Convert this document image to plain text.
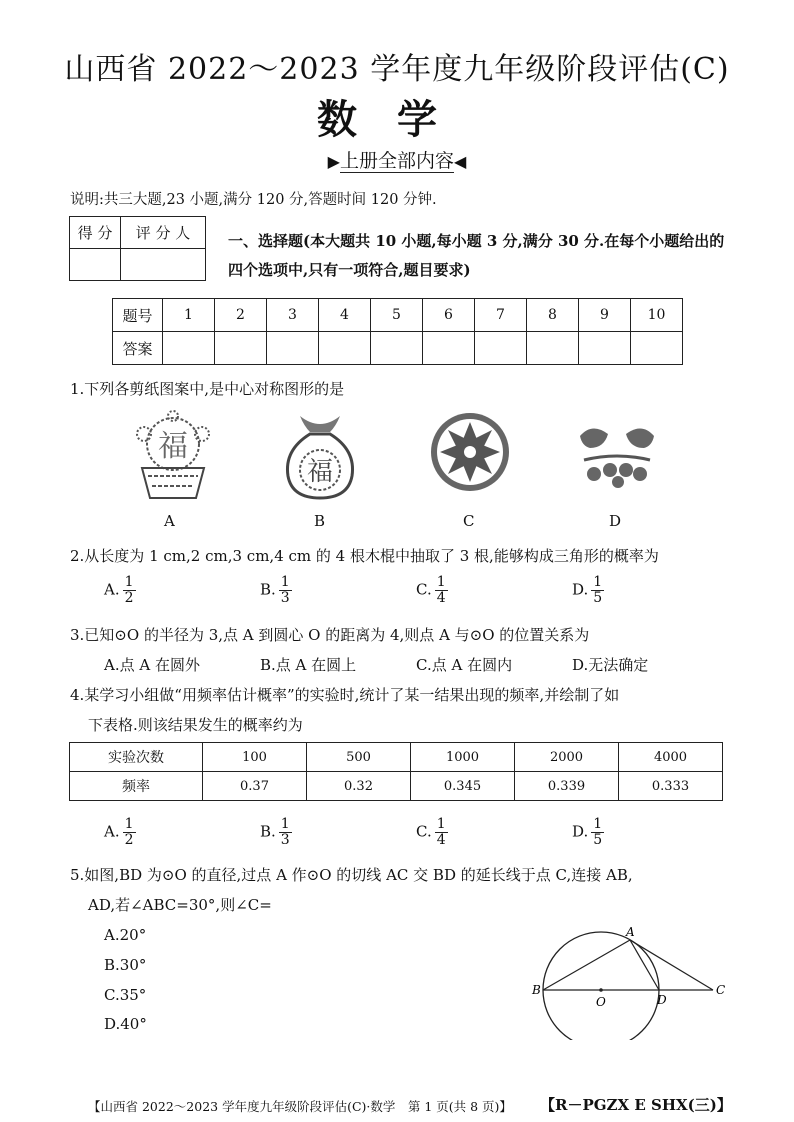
山西省 2022～2023 学年度九年级阶段评估(C)
数学
▶上册全部内容◀
说明:共三大题,23 小题,满分 120 分,答题时间 120 分钟.
得 分	评 分 人
		一、选择题(本大题共 10 小题,每小题 3 分,满分 30 分.在每个小题给出的四个选项中,只有一项符合,题目要求)
题号	1	2	3	4	5	6	7	8	9	10
答案										
1.下列各剪纸图案中,是中心对称图形的是
福
福
A	B	C	D
2.从长度为 1 cm,2 cm,3 cm,4 cm 的 4 根木棍中抽取了 3 根,能够构成三角形的概率为
A. $\frac{1}{2}$	B. $\frac{1}{3}$	C. $\frac{1}{4}$	D. $\frac{1}{5}$
3.已知⊙O 的半径为 3,点 A 到圆心 O 的距离为 4,则点 A 与⊙O 的位置关系为
A.点 A 在圆外	B.点 A 在圆上	C.点 A 在圆内	D.无法确定
4.某学习小组做“用频率估计概率”的实验时,统计了某一结果出现的频率,并绘制了如
下表格.则该结果发生的概率约为
实验次数	100	500	1000	2000	4000
频率	0.37	0.32	0.345	0.339	0.333
A. $\frac{1}{2}$	B. $\frac{1}{3}$	C. $\frac{1}{4}$	D. $\frac{1}{5}$
5.如图,BD 为⊙O 的直径,过点 A 作⊙O 的切线 AC 交 BD 的延长线于点 C,连接 AB,
AD,若∠ABC=30°,则∠C=
A.20°
B.30°
C.35°
D.40°
A
B
O	D
C
【山西省 2022～2023 学年度九年级阶段评估(C)·数学　第 1 页(共 8 页)】 【R－PGZX E SHX(三)】
